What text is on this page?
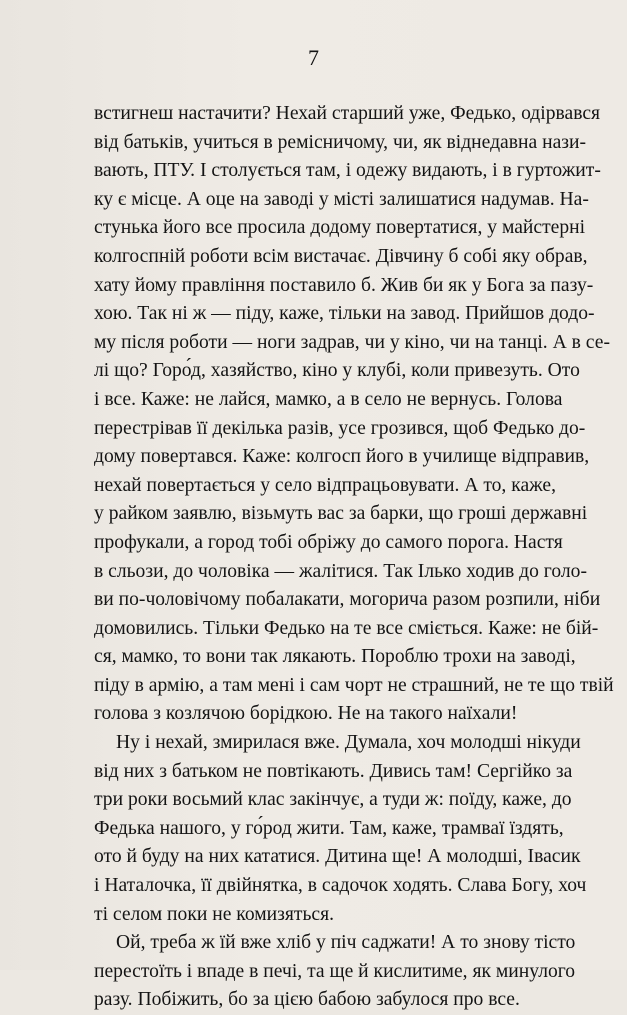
7
встигнеш настачити? Нехай старший уже, Федько, одірвався
від батьків, учиться в ремісничому, чи, як віднедавна нази-
вають, ПТУ. І столується там, і одежу видають, і в гуртожит-
ку є місце. А оце на заводі у місті залишатися надумав. На-
стунька його все просила додому повертатися, у майстерні
колгоспній роботи всім вистачає. Дівчину б собі яку обрав,
хату йому правління поставило б. Жив би як у Бога за пазу-
хою. Так ні ж — піду, каже, тільки на завод. Прийшов додо-
му після роботи — ноги задрав, чи у кіно, чи на танці. А в се-
лі що? Горо́д, хазяйство, кіно у клубі, коли привезуть. Ото
і все. Каже: не лайся, мамко, а в село не вернусь. Голова
перестрівав її декілька разів, усе грозився, щоб Федько до-
дому повертався. Каже: колгосп його в училище відправив,
нехай повертається у село відпрацьовувати. А то, каже,
у райком заявлю, візьмуть вас за барки, що гроші державні
профукали, а город тобі обріжу до самого порога. Настя
в сльози, до чоловіка — жалітися. Так Ілько ходив до голо-
ви по-чоловічому побалакати, могорича разом розпили, ніби
домовились. Тільки Федько на те все сміється. Каже: не бій-
ся, мамко, то вони так лякають. Пороблю трохи на заводі,
піду в армію, а там мені і сам чорт не страшний, не те що твій
голова з козлячою борідкою. Не на такого наїхали!
Ну і нехай, змирилася вже. Думала, хоч молодші нікуди
від них з батьком не повтікають. Дивись там! Сергійко за
три роки восьмий клас закінчує, а туди ж: поїду, каже, до
Федька нашого, у го́род жити. Там, каже, трамваї їздять,
ото й буду на них кататися. Дитина ще! А молодші, Івасик
і Наталочка, її двійнятка, в садочок ходять. Слава Богу, хоч
ті селом поки не комизяться.
Ой, треба ж їй вже хліб у піч саджати! А то знову тісто
перестоїть і впаде в печі, та ще й кислитиме, як минулого
разу. Побіжить, бо за цією бабою забулося про все.
